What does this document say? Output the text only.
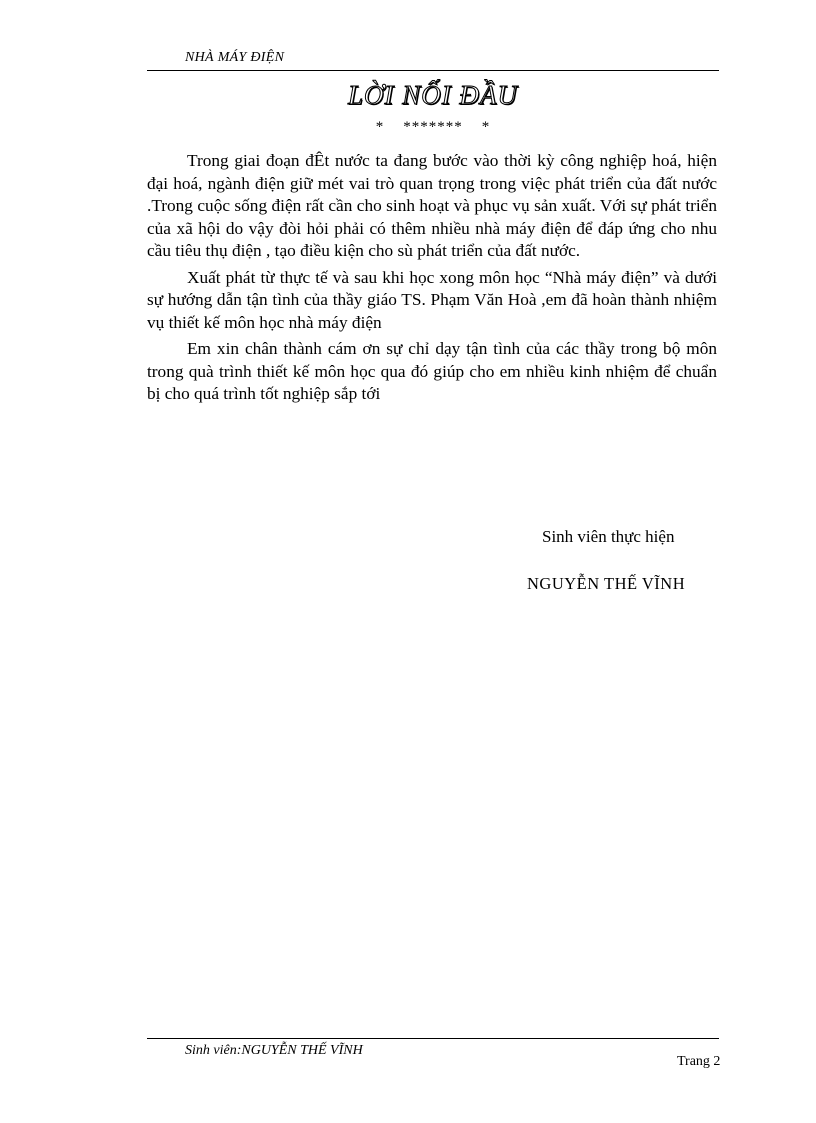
NHÀ MÁY ĐIỆN
LỜI NỐI ĐẦU
*    *******    *

Trong giai đoạn đÊt nước ta đang bước vào thời kỳ công nghiệp hoá, hiện đại hoá, ngành điện giữ mét vai trò quan trọng trong việc phát triển của đất nước .Trong cuộc sống điện rất cần cho sinh hoạt và phục vụ sản xuất. Với sự phát triển của xã hội do vậy đòi hỏi phải có thêm nhiều nhà máy điện để đáp ứng cho nhu cầu tiêu thụ điện , tạo điều kiện cho sù phát triển của đất nước.

Xuất phát từ thực tế và sau khi học xong môn học “Nhà máy điện” và dưới sự hướng dẫn tận tình của thầy giáo TS. Phạm Văn Hoà ,em đã hoàn thành nhiệm vụ thiết kế môn học nhà máy điện

Em xin chân thành cám ơn sự chỉ dạy tận tình của các thầy trong bộ môn trong quà trình thiết kế môn học qua đó giúp cho em nhiều kinh nhiệm để chuẩn bị cho quá trình tốt nghiệp sắp tới

Sinh viên thực hiện
NGUYỄN THẾ VĨNH
Sinh viên:NGUYỄN THẾ VĨNH
Trang 2
